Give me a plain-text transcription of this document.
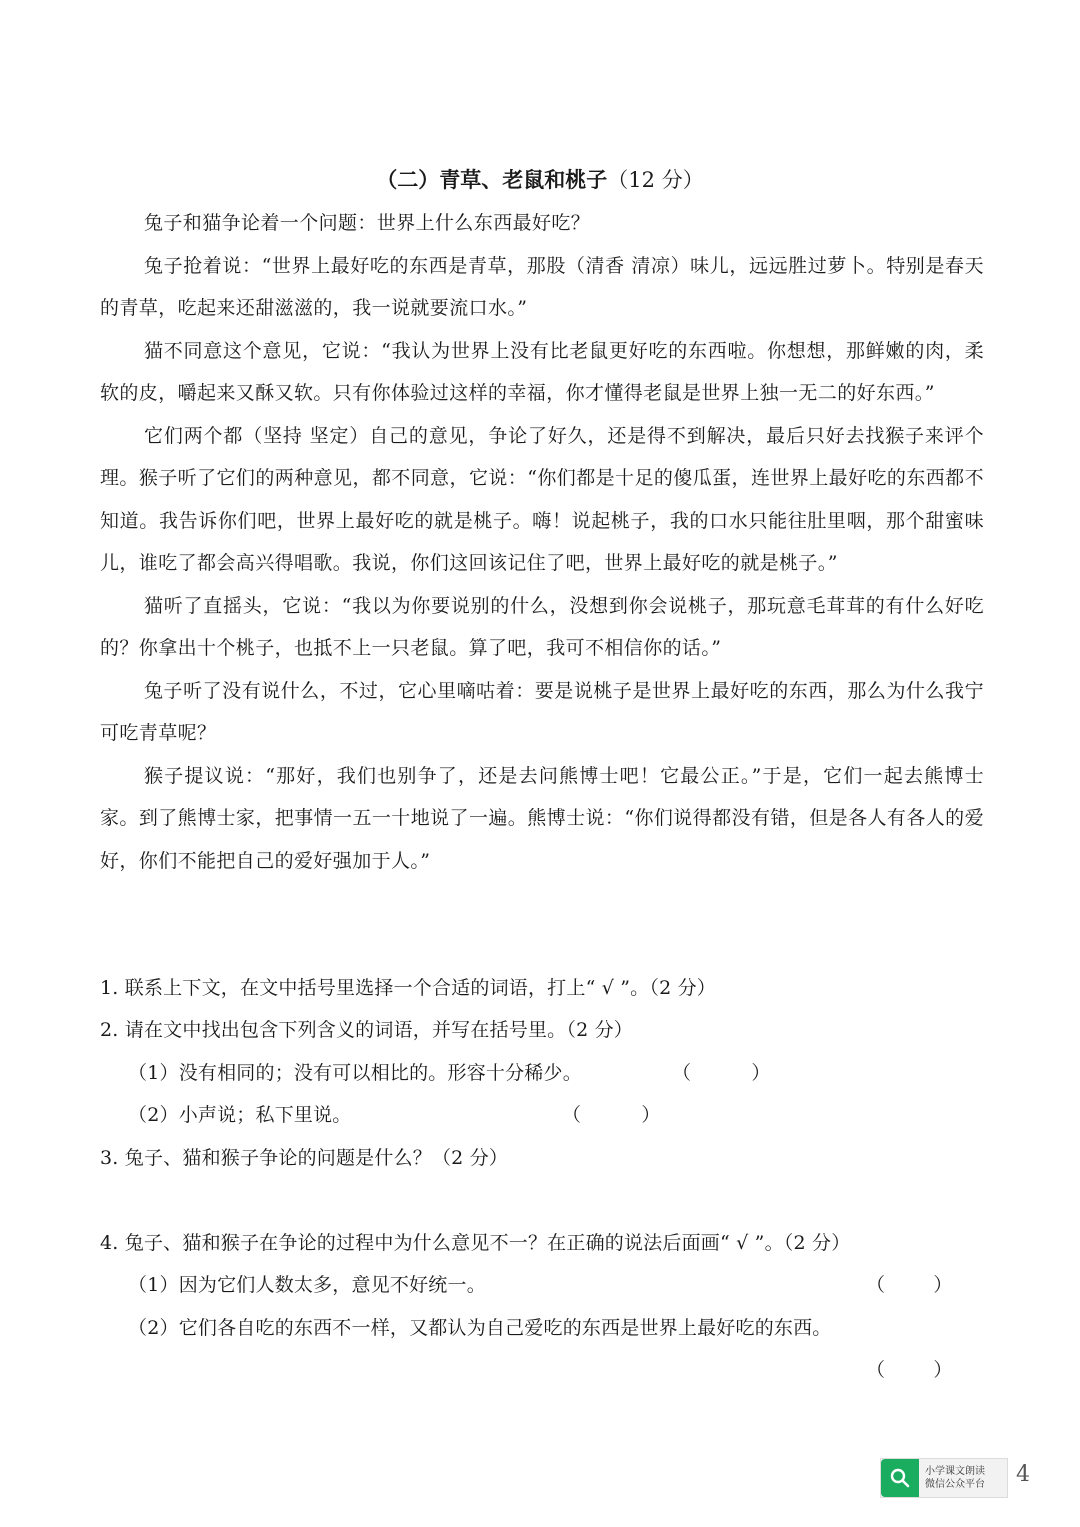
（二）青草、老鼠和桃子（12 分）

兔子和猫争论着一个问题：世界上什么东西最好吃？

兔子抢着说：“世界上最好吃的东西是青草，那股（清香 清凉）味儿，远远胜过萝卜。特别是春天的青草，吃起来还甜滋滋的，我一说就要流口水。”

猫不同意这个意见，它说：“我认为世界上没有比老鼠更好吃的东西啦。你想想，那鲜嫩的肉，柔软的皮，嚼起来又酥又软。只有你体验过这样的幸福，你才懂得老鼠是世界上独一无二的好东西。”

它们两个都（坚持 坚定）自己的意见，争论了好久，还是得不到解决，最后只好去找猴子来评个理。猴子听了它们的两种意见，都不同意，它说：“你们都是十足的傻瓜蛋，连世界上最好吃的东西都不知道。我告诉你们吧，世界上最好吃的就是桃子。嗨！说起桃子，我的口水只能往肚里咽，那个甜蜜味儿，谁吃了都会高兴得唱歌。我说，你们这回该记住了吧，世界上最好吃的就是桃子。”

猫听了直摇头，它说：“我以为你要说别的什么，没想到你会说桃子，那玩意毛茸茸的有什么好吃的？你拿出十个桃子，也抵不上一只老鼠。算了吧，我可不相信你的话。”

兔子听了没有说什么，不过，它心里嘀咕着：要是说桃子是世界上最好吃的东西，那么为什么我宁可吃青草呢？

猴子提议说：“那好，我们也别争了，还是去问熊博士吧！它最公正。”于是，它们一起去熊博士家。到了熊博士家，把事情一五一十地说了一遍。熊博士说：“你们说得都没有错，但是各人有各人的爱好，你们不能把自己的爱好强加于人。”

1. 联系上下文，在文中括号里选择一个合适的词语，打上“ √ ”。（2 分）
2. 请在文中找出包含下列含义的词语，并写在括号里。（2 分）
（1）没有相同的；没有可以相比的。形容十分稀少。	（          ）
（2）小声说；私下里说。	（          ）
3. 兔子、猫和猴子争论的问题是什么？（2 分）
4. 兔子、猫和猴子在争论的过程中为什么意见不一？在正确的说法后面画“ √ ”。（2 分）
（1）因为它们人数太多，意见不好统一。	（        ）
（2）它们各自吃的东西不一样，又都认为自己爱吃的东西是世界上最好吃的东西。
（        ）
小学课文朗读
微信公众平台 4
